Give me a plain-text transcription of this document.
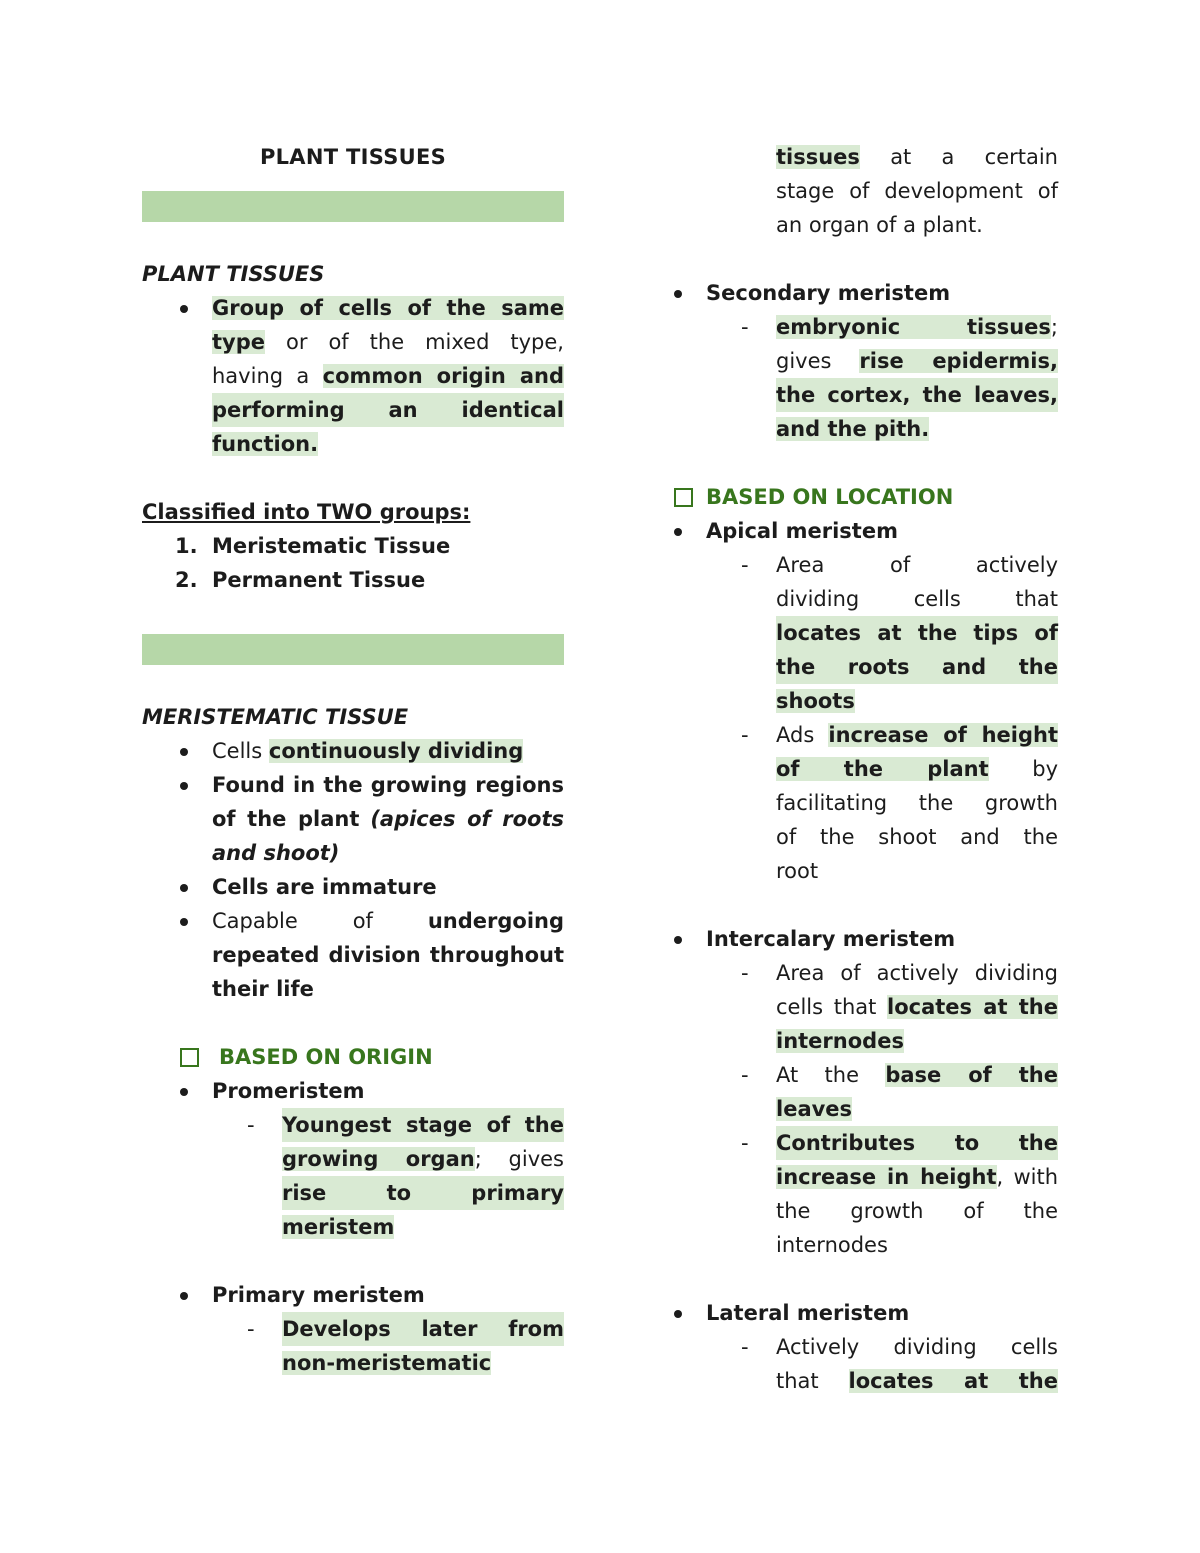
PLANT TISSUES
PLANT TISSUES
Group of cells of the same
type or of the mixed type,
having a common origin and
performing an identical
function.
Classified into TWO groups:
1. Meristematic Tissue
2. Permanent Tissue
MERISTEMATIC TISSUE
Cells continuously dividing
Found in the growing regions
of the plant (apices of roots
and shoot)
Cells are immature
Capable of	undergoing
repeated division throughout
their life
BASED ON ORIGIN
Promeristem
- Youngest stage of the
growing organ; gives
rise to primary
meristem
Primary meristem
- Develops later from
non-meristematic
tissues at a certain
stage of development of
an organ of a plant.
Secondary meristem
- embryonic tissues;
gives rise epidermis,
the cortex, the leaves,
and the pith.
BASED ON LOCATION
Apical meristem
- Area of actively
dividing cells that
locates at the tips of
the roots and the
shoots
- Ads increase of height
of the plant by
facilitating the growth
of the shoot and the
root
Intercalary meristem
- Area of actively dividing
cells that locates at the
internodes
- At the base of the
leaves
- Contributes to the
increase in height, with
the growth of the
internodes
Lateral meristem
- Actively dividing cells
that locates at the
